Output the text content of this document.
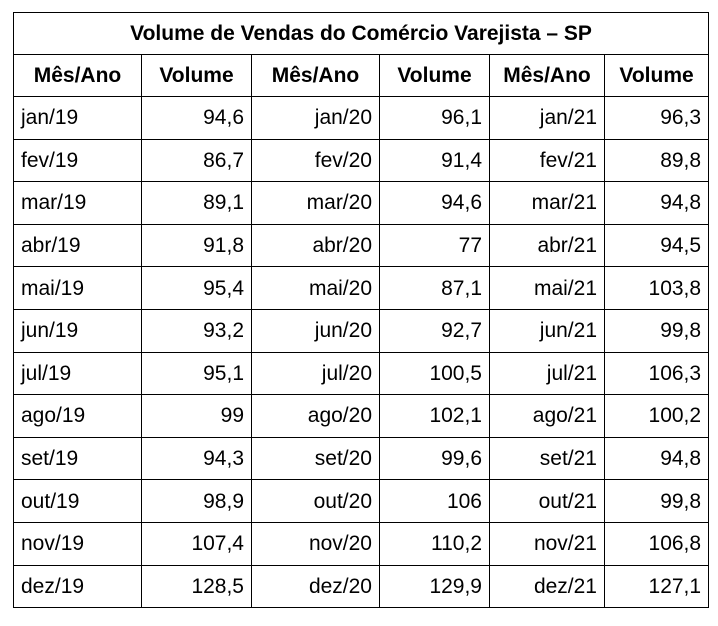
Volume de Vendas do Comércio Varejista – SP					
Mês/Ano	Volume	Mês/Ano	Volume	Mês/Ano	Volume
jan/19	94,6	jan/20	96,1	jan/21	96,3
fev/19	86,7	fev/20	91,4	fev/21	89,8
mar/19	89,1	mar/20	94,6	mar/21	94,8
abr/19	91,8	abr/20	77	abr/21	94,5
mai/19	95,4	mai/20	87,1	mai/21	103,8
jun/19	93,2	jun/20	92,7	jun/21	99,8
jul/19	95,1	jul/20	100,5	jul/21	106,3
ago/19	99	ago/20	102,1	ago/21	100,2
set/19	94,3	set/20	99,6	set/21	94,8
out/19	98,9	out/20	106	out/21	99,8
nov/19	107,4	nov/20	110,2	nov/21	106,8
dez/19	128,5	dez/20	129,9	dez/21	127,1
